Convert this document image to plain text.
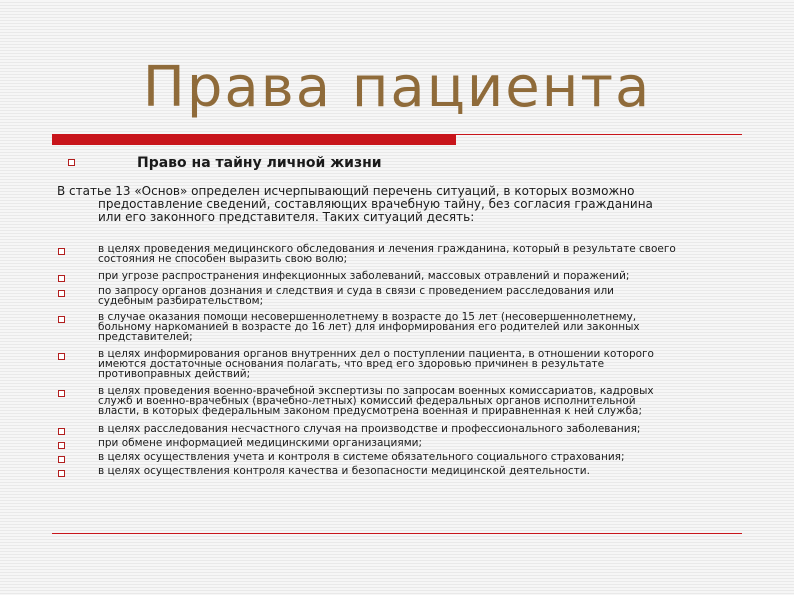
Права пациента
Право на тайну личной жизни

В статье 13 «Основ» определен исчерпывающий перечень ситуаций, в которых возможно
предоставление сведений, составляющих врачебную тайну, без согласия гражданина
или его законного представителя. Таких ситуаций десять:

в целях проведения медицинского обследования и лечения гражданина, который в результате своего
состояния не способен выразить свою волю;
при угрозе распространения инфекционных заболеваний, массовых отравлений и поражений;
по запросу органов дознания и следствия и суда в связи с проведением расследования или
судебным разбирательством;
в случае оказания помощи несовершеннолетнему в возрасте до 15 лет (несовершеннолетнему,
больному наркоманией в возрасте до 16 лет) для информирования его родителей или законных
представителей;
в целях информирования органов внутренних дел о поступлении пациента, в отношении которого
имеются достаточные основания полагать, что вред его здоровью причинен в результате
противоправных действий;
в целях проведения военно-врачебной экспертизы по запросам военных комиссариатов, кадровых
служб и военно-врачебных (врачебно-летных) комиссий федеральных органов исполнительной
власти, в которых федеральным законом предусмотрена военная и приравненная к ней служба;
в целях расследования несчастного случая на производстве и профессионального заболевания;
при обмене информацией медицинскими организациями;
в целях осуществления учета и контроля в системе обязательного социального страхования;
в целях осуществления контроля качества и безопасности медицинской деятельности.
